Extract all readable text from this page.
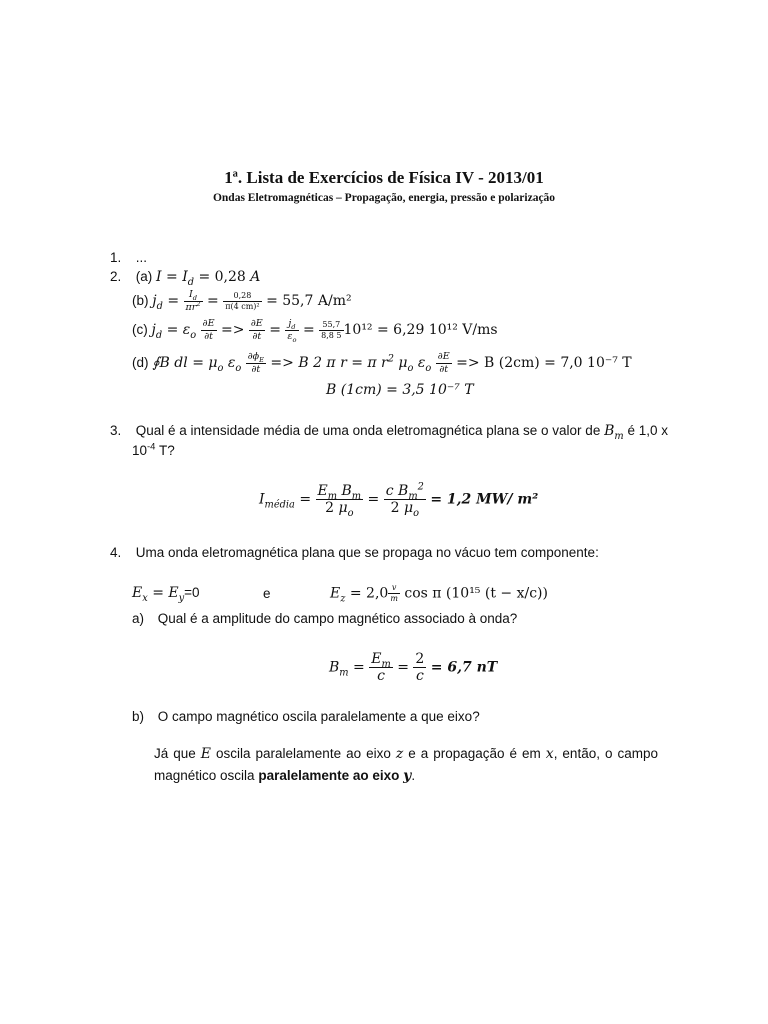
1ª. Lista de Exercícios de Física IV - 2013/01
Ondas Eletromagnéticas – Propagação, energia, pressão e polarização
1. ...
2. (a) $I = I_d = 0,28$ A
(b) $j_d = \frac{I_d}{\pi r^2} = \frac{0,28}{\text{π(4 cm)²}} = 55,7$ A/m²
(c) $j_d = \varepsilon_o \frac{\partial E}{\partial t} => \frac{\partial E}{\partial t} = \frac{j_d}{\varepsilon_o} = \frac{55,7}{8,8 5} 10^{12} = 6,29$ 10¹² V/ms
(d) ∮B dl = $\mu_o$ $\varepsilon_o \frac{\partial\phi_E}{\partial t} => B$ 2 π r = π $r^2$ $\mu_o$ $\varepsilon_o \frac{\partial E}{\partial t} => B$ (2cm) = 7,0 10⁻⁷ T
B (1cm) = 3,5 10⁻⁷ T
3. Qual é a intensidade média de uma onda eletromagnética plana se o valor de $B_m$ é 1,0 x
$10^{-4}$ T?
$I_{média} = \frac{E_m B_m}{2 \mu_o} = \frac{c B_m^2}{2 \mu_o} = 1,2$ MW/ m²
4. Uma onda eletromagnética plana que se propaga no vácuo tem componente:
$E_x = E_y=0$	e	$E_z = 2,0 \frac{v}{m}$ cos π (10¹⁵ (t − x/c))
a) Qual é a amplitude do campo magnético associado à onda?
$B_m = \frac{E_m}{c} = \frac{2}{c} = 6,7$ nT
b) O campo magnético oscila paralelamente a que eixo?
Já que E oscila paralelamente ao eixo z e a propagação é em x, então, o campo magnético oscila paralelamente ao eixo y.
